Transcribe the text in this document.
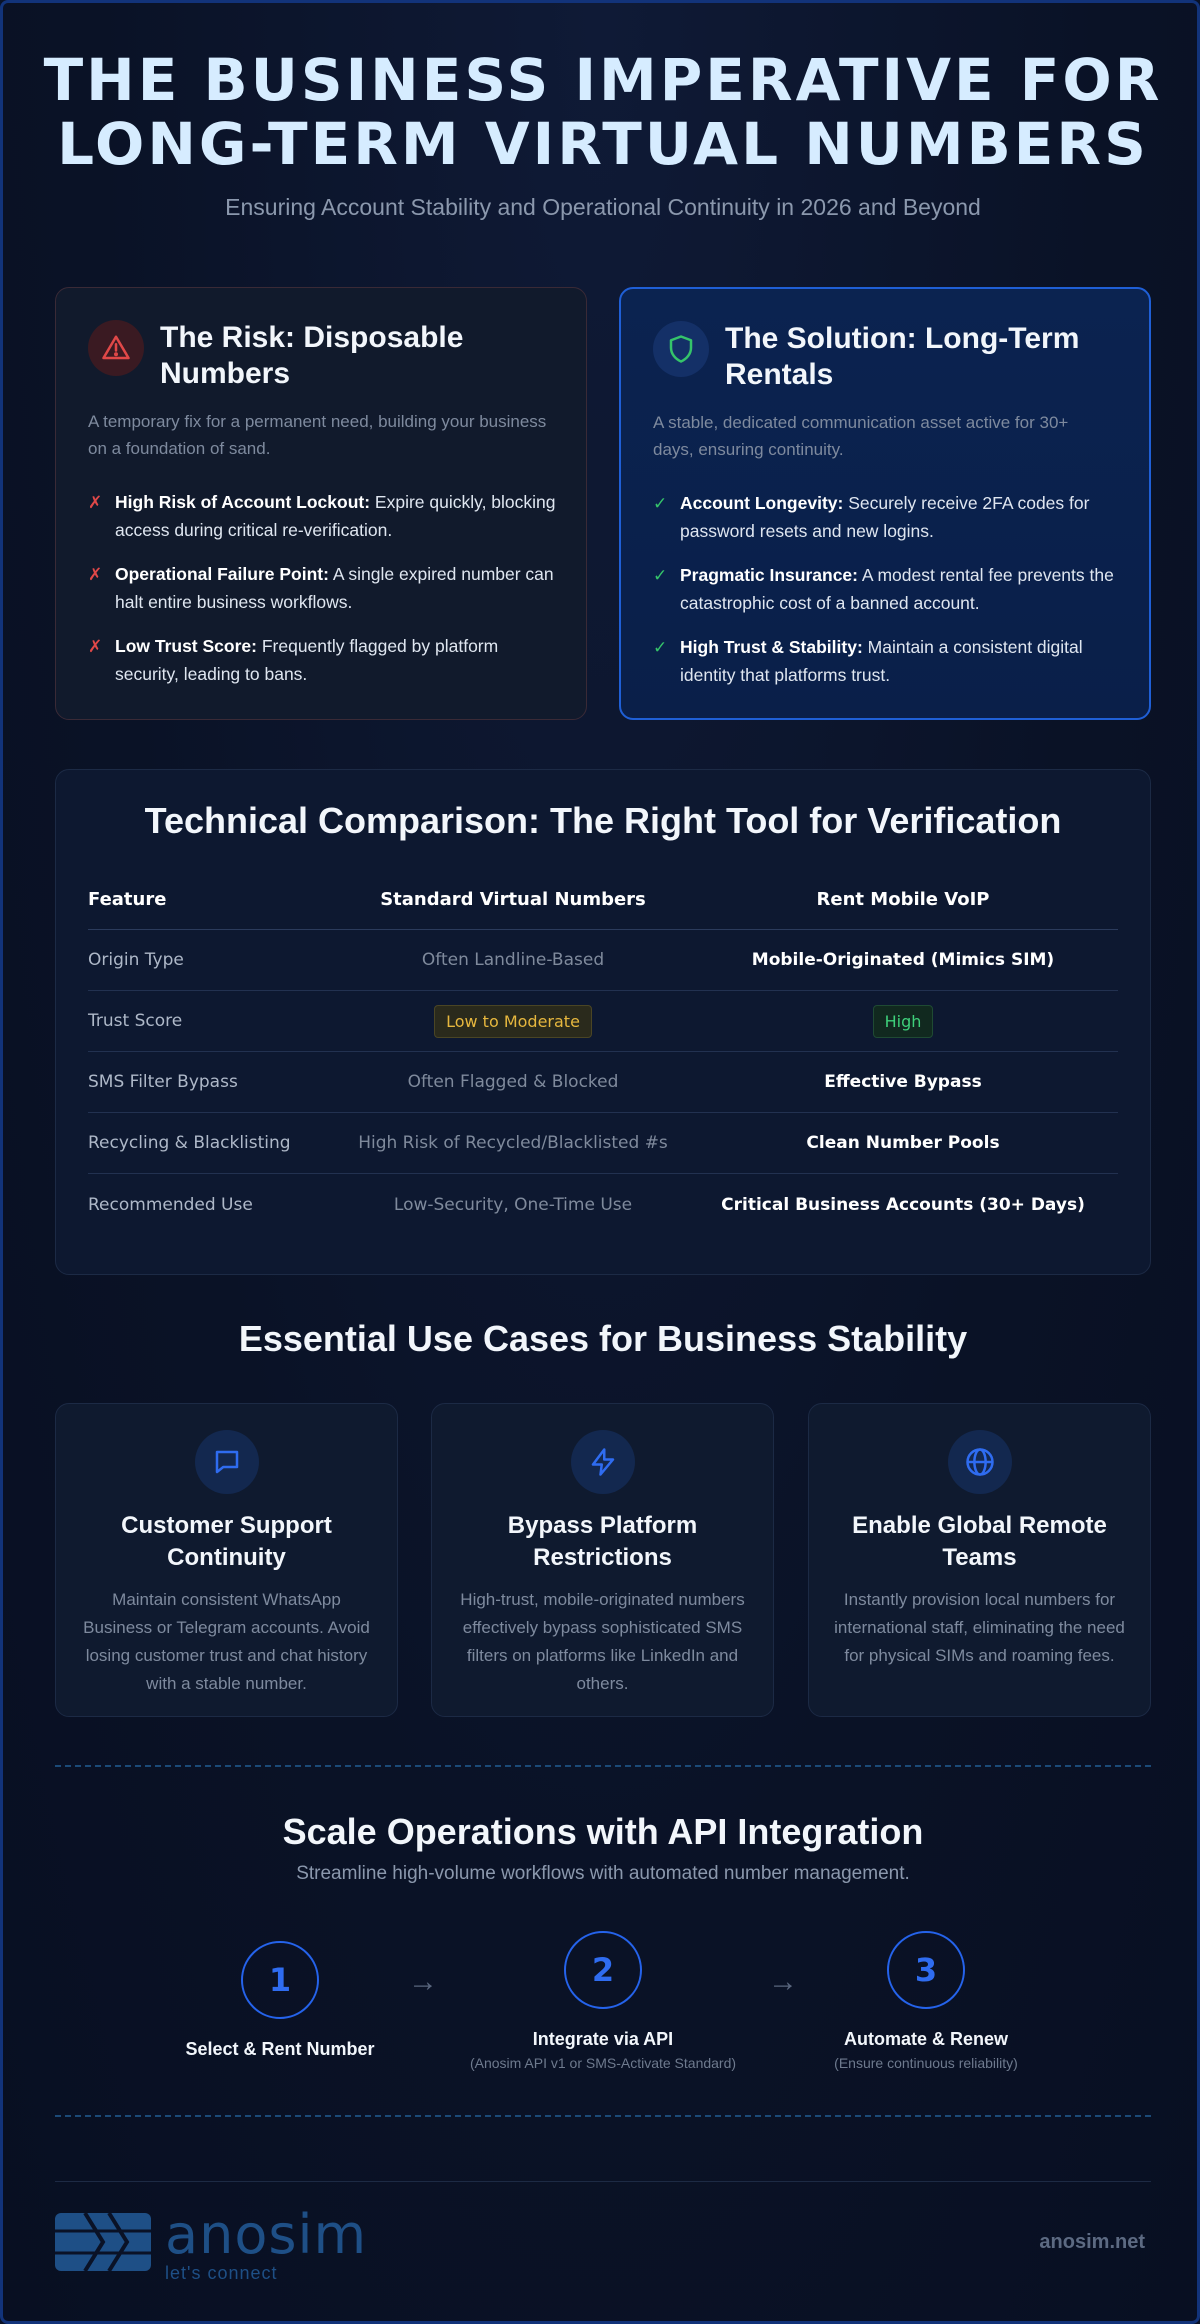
THE BUSINESS IMPERATIVE FOR
LONG-TERM VIRTUAL NUMBERS
Ensuring Account Stability and Operational Continuity in 2026 and Beyond
The Risk: Disposable Numbers
A temporary fix for a permanent need, building your business on a foundation of sand.
✗ High Risk of Account Lockout: Expire quickly, blocking access during critical re-verification.
✗ Operational Failure Point: A single expired number can halt entire business workflows.
✗ Low Trust Score: Frequently flagged by platform security, leading to bans.
The Solution: Long-Term Rentals
A stable, dedicated communication asset active for 30+ days, ensuring continuity.
✓ Account Longevity: Securely receive 2FA codes for password resets and new logins.
✓ Pragmatic Insurance: A modest rental fee prevents the catastrophic cost of a banned account.
✓ High Trust & Stability: Maintain a consistent digital identity that platforms trust.
Technical Comparison: The Right Tool for Verification
Feature	Standard Virtual Numbers	Rent Mobile VoIP
Origin Type	Often Landline-Based	Mobile-Originated (Mimics SIM)
Trust Score	Low to Moderate	High
SMS Filter Bypass	Often Flagged & Blocked	Effective Bypass
Recycling & Blacklisting	High Risk of Recycled/Blacklisted #s	Clean Number Pools
Recommended Use	Low-Security, One-Time Use	Critical Business Accounts (30+ Days)
Essential Use Cases for Business Stability
Customer Support Continuity

Maintain consistent WhatsApp Business or Telegram accounts. Avoid losing customer trust and chat history with a stable number.

Bypass Platform Restrictions

High-trust, mobile-originated numbers effectively bypass sophisticated SMS filters on platforms like LinkedIn and others.

Enable Global Remote Teams

Instantly provision local numbers for international staff, eliminating the need for physical SIMs and roaming fees.

Scale Operations with API Integration
Streamline high-volume workflows with automated number management.
1
Select & Rent Number
→	2
Integrate via API
(Anosim API v1 or SMS-Activate Standard)
→	3
Automate & Renew
(Ensure continuous reliability)
anosim
let's connect
anosim.net
